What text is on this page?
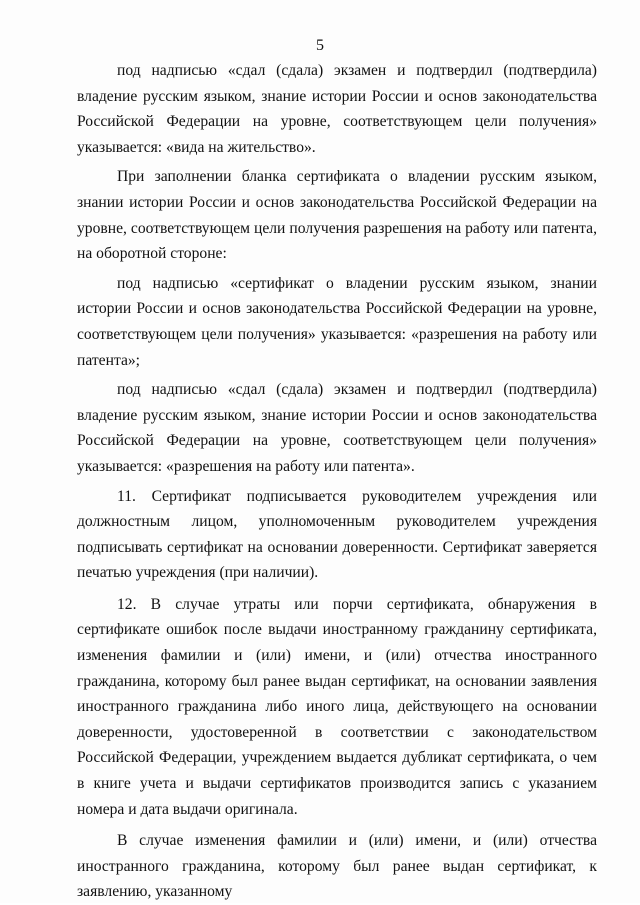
5

под надписью «сдал (сдала) экзамен и подтвердил (подтвердила) владение русским языком, знание истории России и основ законодательства Российской Федерации на уровне, соответствующем цели получения» указывается: «вида на жительство».

При заполнении бланка сертификата о владении русским языком, знании истории России и основ законодательства Российской Федерации на уровне, соответствующем цели получения разрешения на работу или патента, на оборотной стороне:

под надписью «сертификат о владении русским языком, знании истории России и основ законодательства Российской Федерации на уровне, соответствующем цели получения» указывается: «разрешения на работу или патента»;

под надписью «сдал (сдала) экзамен и подтвердил (подтвердила) владение русским языком, знание истории России и основ законодательства Российской Федерации на уровне, соответствующем цели получения» указывается: «разрешения на работу или патента».

11. Сертификат подписывается руководителем учреждения или должностным лицом, уполномоченным руководителем учреждения подписывать сертификат на основании доверенности. Сертификат заверяется печатью учреждения (при наличии).

12. В случае утраты или порчи сертификата, обнаружения в сертификате ошибок после выдачи иностранному гражданину сертификата, изменения фамилии и (или) имени, и (или) отчества иностранного гражданина, которому был ранее выдан сертификат, на основании заявления иностранного гражданина либо иного лица, действующего на основании доверенности, удостоверенной в соответствии с законодательством Российской Федерации, учреждением выдается дубликат сертификата, о чем в книге учета и выдачи сертификатов производится запись с указанием номера и дата выдачи оригинала.

В случае изменения фамилии и (или) имени, и (или) отчества иностранного гражданина, которому был ранее выдан сертификат, к заявлению, указанному
